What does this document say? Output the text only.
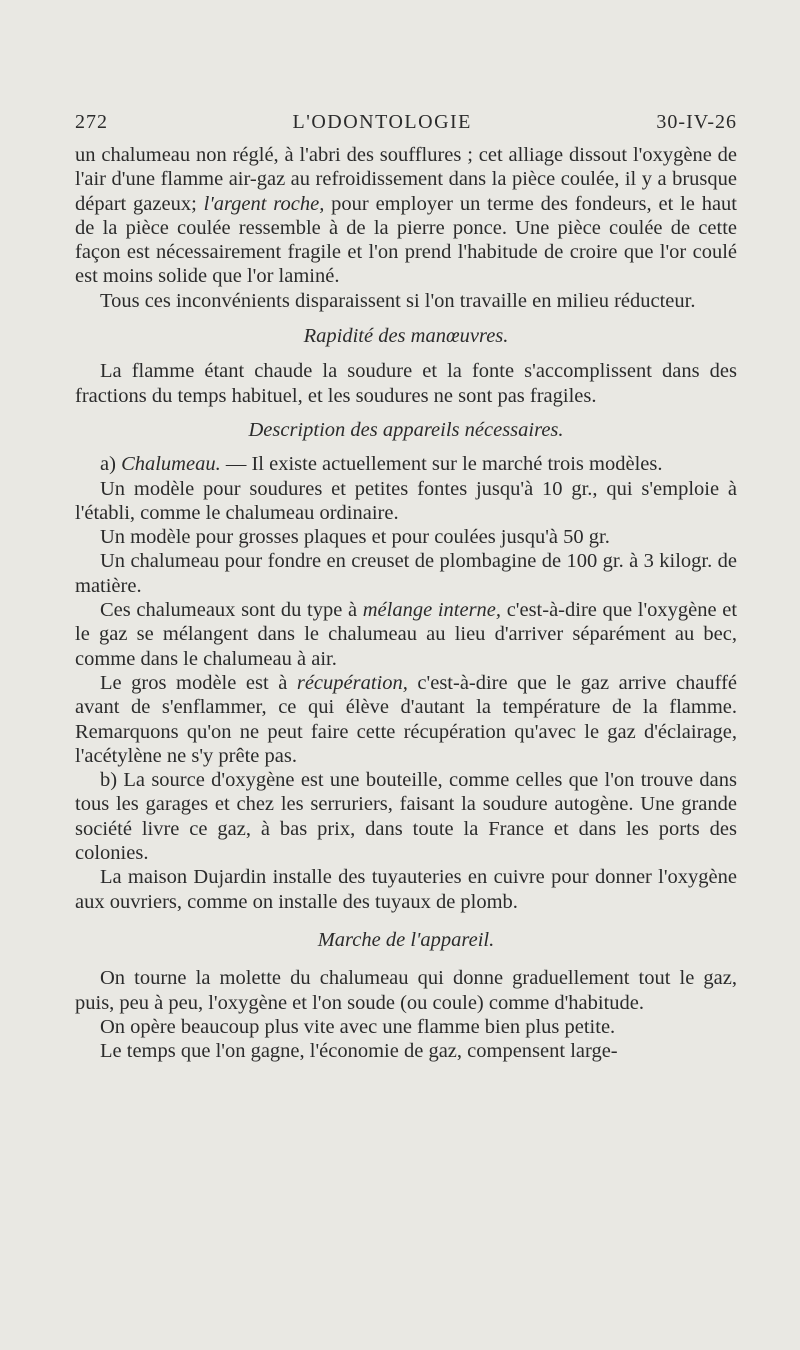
272	L'ODONTOLOGIE	30-IV-26

un chalumeau non réglé, à l'abri des soufflures ; cet alliage dissout l'oxygène de l'air d'une flamme air-gaz au refroidissement dans la pièce coulée, il y a brusque départ gazeux; l'argent roche, pour employer un terme des fondeurs, et le haut de la pièce coulée ressemble à de la pierre ponce. Une pièce coulée de cette façon est nécessairement fragile et l'on prend l'habitude de croire que l'or coulé est moins solide que l'or laminé.

Tous ces inconvénients disparaissent si l'on travaille en milieu réducteur.

Rapidité des manœuvres.

La flamme étant chaude la soudure et la fonte s'accomplissent dans des fractions du temps habituel, et les soudures ne sont pas fragiles.

Description des appareils nécessaires.

a) Chalumeau. — Il existe actuellement sur le marché trois modèles.

Un modèle pour soudures et petites fontes jusqu'à 10 gr., qui s'emploie à l'établi, comme le chalumeau ordinaire.

Un modèle pour grosses plaques et pour coulées jusqu'à 50 gr.

Un chalumeau pour fondre en creuset de plombagine de 100 gr. à 3 kilogr. de matière.

Ces chalumeaux sont du type à mélange interne, c'est-à-dire que l'oxygène et le gaz se mélangent dans le chalumeau au lieu d'arriver séparément au bec, comme dans le chalumeau à air.

Le gros modèle est à récupération, c'est-à-dire que le gaz arrive chauffé avant de s'enflammer, ce qui élève d'autant la température de la flamme. Remarquons qu'on ne peut faire cette récupération qu'avec le gaz d'éclairage, l'acétylène ne s'y prête pas.

b) La source d'oxygène est une bouteille, comme celles que l'on trouve dans tous les garages et chez les serruriers, faisant la soudure autogène. Une grande société livre ce gaz, à bas prix, dans toute la France et dans les ports des colonies.

La maison Dujardin installe des tuyauteries en cuivre pour donner l'oxygène aux ouvriers, comme on installe des tuyaux de plomb.

Marche de l'appareil.

On tourne la molette du chalumeau qui donne graduellement tout le gaz, puis, peu à peu, l'oxygène et l'on soude (ou coule) comme d'habitude.

On opère beaucoup plus vite avec une flamme bien plus petite.

Le temps que l'on gagne, l'économie de gaz, compensent large-
